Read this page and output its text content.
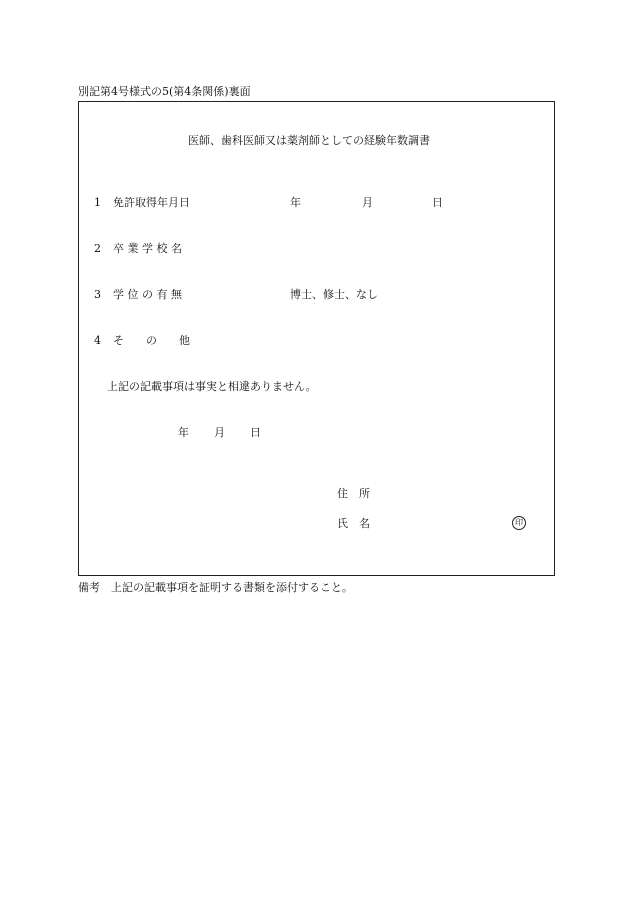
別記第4号様式の5(第4条関係)裏面
医師、歯科医師又は薬剤師としての経験年数調書
1 免許取得年月日	年	月	日
2 卒 業 学 校 名
3 学 位 の 有 無	博士、修士、なし
4 そ　　の　　他
上記の記載事項は事実と相違ありません。
年 月 日
住　所
氏　名	印
備考　上記の記載事項を証明する書類を添付すること。
